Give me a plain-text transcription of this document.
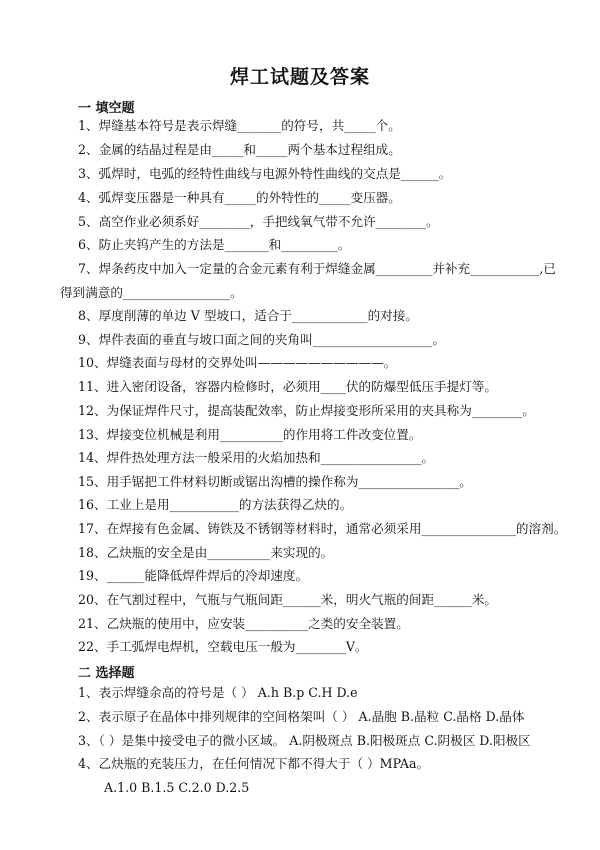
焊工试题及答案
一 填空题
1、焊缝基本符号是表示焊缝_______的符号，共_____个。
2、金属的结晶过程是由_____和_____两个基本过程组成。
3、弧焊时，电弧的经特性曲线与电源外特性曲线的交点是______。
4、弧焊变压器是一种具有_____的外特性的_____变压器。
5、高空作业必须系好________，手把线氧气带不允许________。
6、防止夹钨产生的方法是_______和_________。
7、焊条药皮中加入一定量的合金元素有利于焊缝金属_________并补充___________,已
得到满意的_________________。
8、厚度削薄的单边 V 型坡口，适合于____________的对接。
9、焊件表面的垂直与坡口面之间的夹角叫___________________。
10、焊缝表面与母材的交界处叫——————————。
11、进入密闭设备，容器内检修时，必须用____伏的防爆型低压手提灯等。
12、为保证焊件尺寸，提高装配效率，防止焊接变形所采用的夹具称为________。
13、焊接变位机械是利用__________的作用将工件改变位置。
14、焊件热处理方法一般采用的火焰加热和________________。
15、用手锯把工件材料切断或锯出沟槽的操作称为________________。
16、工业上是用___________的方法获得乙炔的。
17、在焊接有色金属、铸铁及不锈钢等材料时，通常必须采用_______________的溶剂。
18、乙炔瓶的安全是由__________来实现的。
19、______能降低焊件焊后的冷却速度。
20、在气割过程中，气瓶与气瓶间距______米，明火气瓶的间距______米。
21、乙炔瓶的使用中，应安装__________之类的安全装置。
22、手工弧焊电焊机，空载电压一般为________V。
二 选择题
1、表示焊缝余高的符号是（ ） A.h B.p C.H D.e
2、表示原子在晶体中排列规律的空间格架叫（ ） A.晶胞 B.晶粒 C.晶格 D.晶体
3、（ ）是集中接受电子的微小区域。 A.阴极斑点 B.阳极斑点 C.阴极区 D.阳极区
4、乙炔瓶的充装压力，在任何情况下都不得大于（ ）MPAa。
A.1.0 B.1.5 C.2.0 D.2.5
